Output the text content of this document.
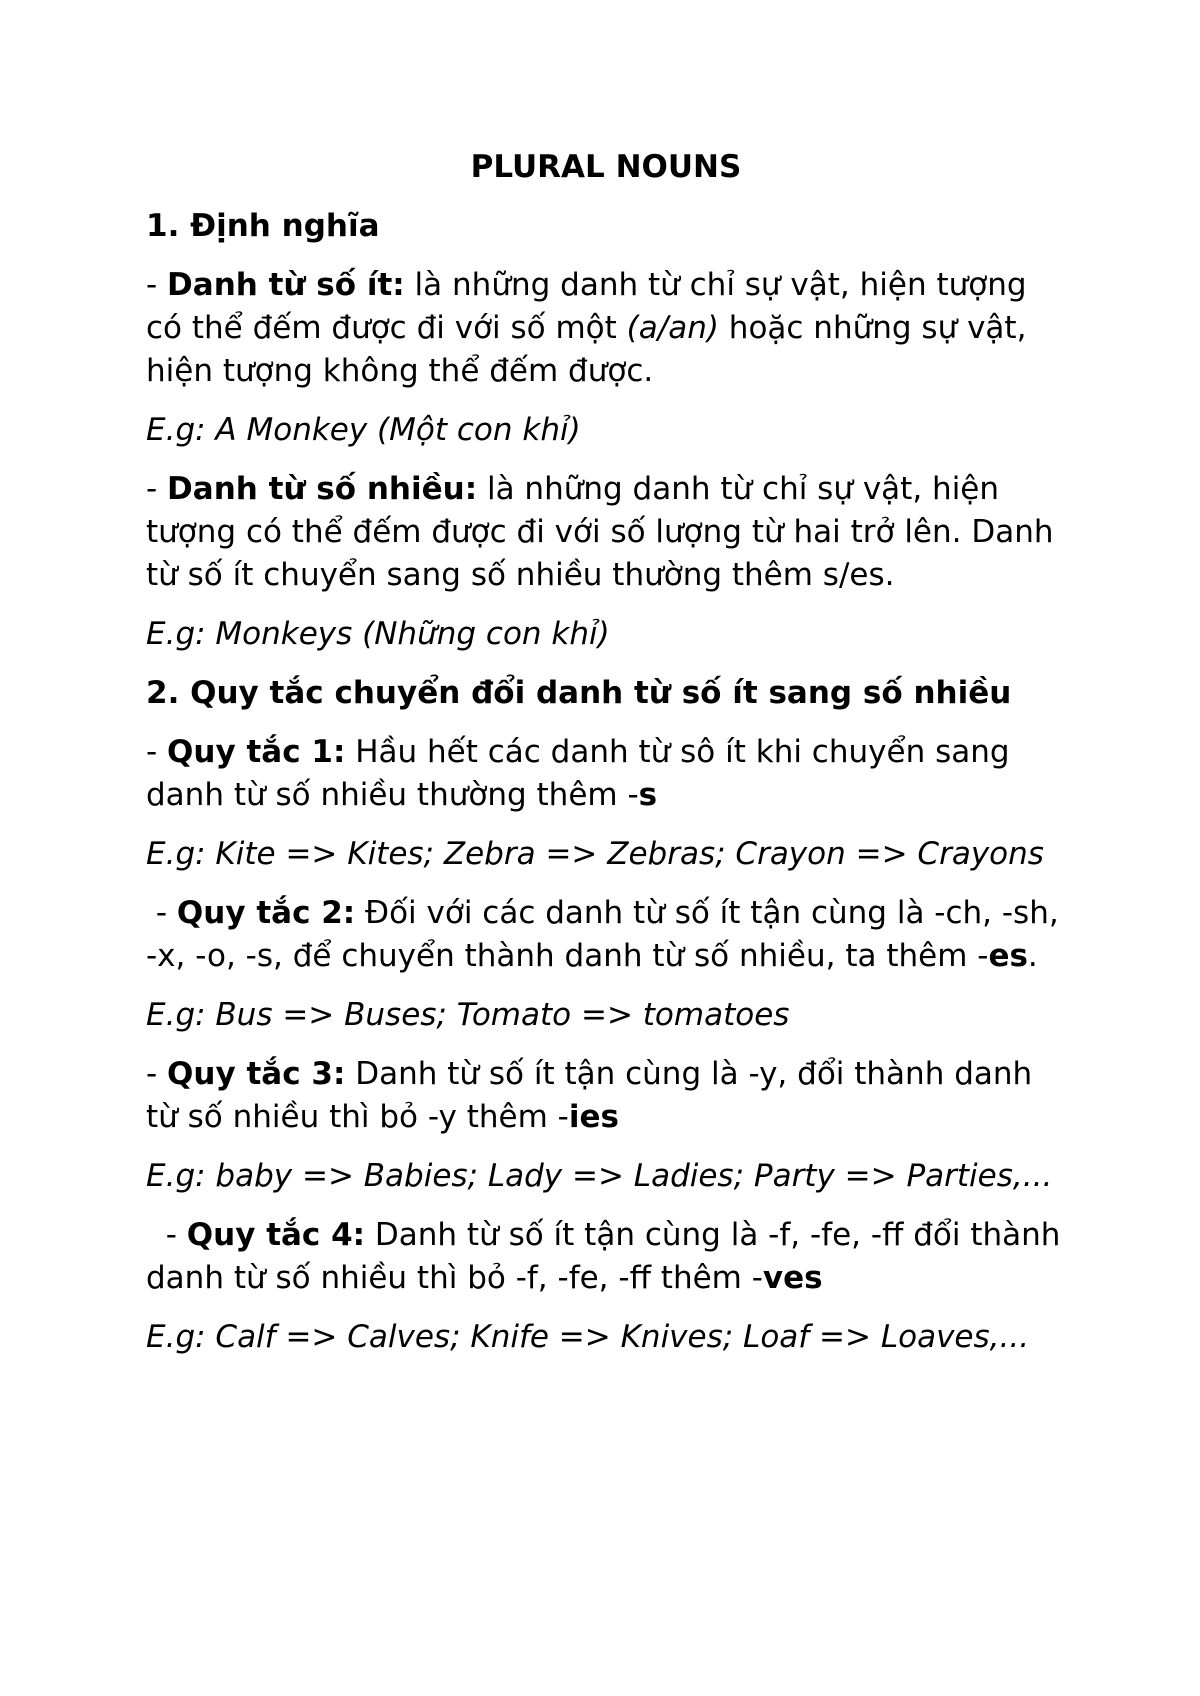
PLURAL NOUNS

1. Định nghĩa

- Danh từ số ít: là những danh từ chỉ sự vật, hiện tượng có thể đếm được đi với số một (a/an) hoặc những sự vật, hiện tượng không thể đếm được.

E.g: A Monkey (Một con khỉ)

- Danh từ số nhiều: là những danh từ chỉ sự vật, hiện tượng có thể đếm được đi với số lượng từ hai trở lên. Danh từ số ít chuyển sang số nhiều thường thêm s/es.

E.g: Monkeys (Những con khỉ)

2. Quy tắc chuyển đổi danh từ số ít sang số nhiều

- Quy tắc 1: Hầu hết các danh từ sô ít khi chuyển sang danh từ số nhiều thường thêm -s

E.g: Kite => Kites; Zebra => Zebras; Crayon => Crayons

- Quy tắc 2: Đối với các danh từ số ít tận cùng là -ch, -sh, -x, -o, -s, để chuyển thành danh từ số nhiều, ta thêm -es.

E.g: Bus => Buses; Tomato => tomatoes

- Quy tắc 3: Danh từ số ít tận cùng là -y, đổi thành danh từ số nhiều thì bỏ -y thêm -ies

E.g: baby => Babies; Lady => Ladies; Party => Parties,...

- Quy tắc 4: Danh từ số ít tận cùng là -f, -fe, -ff đổi thành danh từ số nhiều thì bỏ -f, -fe, -ff thêm -ves

E.g: Calf => Calves; Knife => Knives; Loaf => Loaves,...
